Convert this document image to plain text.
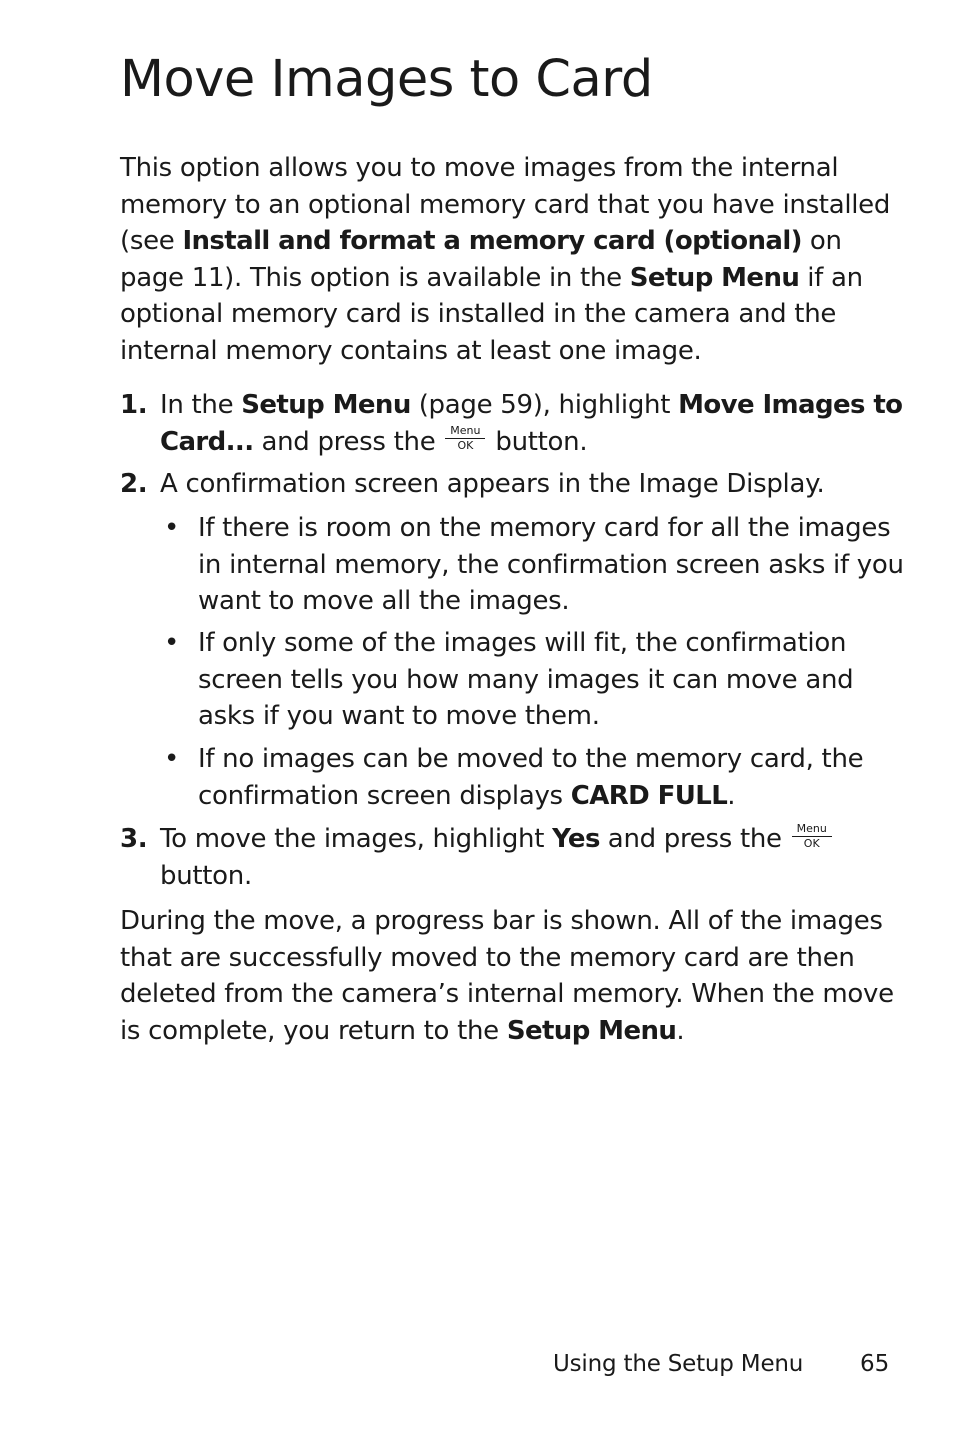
Move Images to Card

This option allows you to move images from the internal
memory to an optional memory card that you have installed
(see Install and format a memory card (optional) on
page 11). This option is available in the Setup Menu if an
optional memory card is installed in the camera and the
internal memory contains at least one image.

1. In the Setup Menu (page 59), highlight Move Images to
Card... and press the	Menu
OK button.
2. A confirmation screen appears in the Image Display.
• If there is room on the memory card for all the images
in internal memory, the confirmation screen asks if you
want to move all the images.
• If only some of the images will fit, the confirmation
screen tells you how many images it can move and
asks if you want to move them.
• If no images can be moved to the memory card, the
confirmation screen displays CARD FULL.
3. To move the images, highlight Yes and press the	Menu
OK
button.

During the move, a progress bar is shown. All of the images
that are successfully moved to the memory card are then
deleted from the camera’s internal memory. When the move
is complete, you return to the Setup Menu.

Using the Setup Menu 65
